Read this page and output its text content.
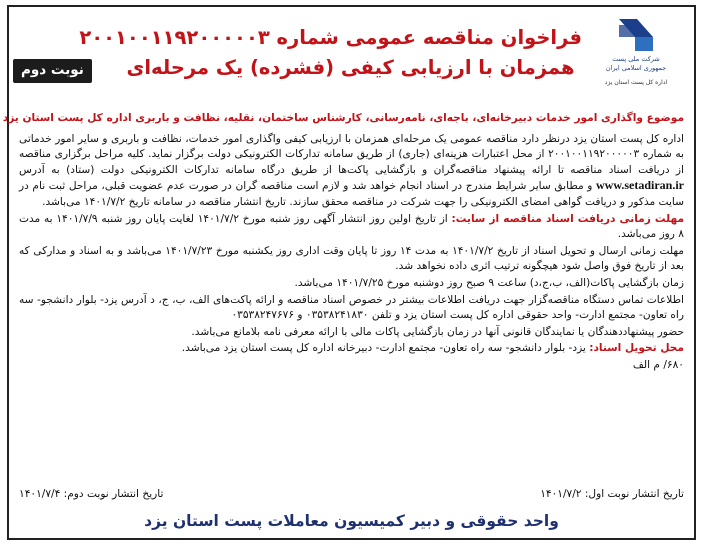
شرکت ملی پست
جمهوری اسلامی ایران
اداره کل پست استان یزد
فراخوان مناقصه عمومی شماره ۲۰۰۱۰۰۱۱۹۲۰۰۰۰۰۳
همزمان با ارزیابی کیفی (فشرده) یک مرحله‌ای
نوبت دوم
موضوع واگذاری امور خدمات دبیرخانه‌ای، باجه‌ای، نامه‌رسانی، کارشناس ساختمان، نقلیه، نظافت و باربری اداره کل پست استان یزد
اداره کل پست استان یزد درنظر دارد مناقصه عمومی یک مرحله‌ای همزمان با ارزیابی کیفی واگذاری امور خدمات، نظافت و باربری و سایر امور خدماتی به شماره ۲۰۰۱۰۰۱۱۹۲۰۰۰۰۰۳ از محل اعتبارات هزینه‌ای (جاری) از طریق سامانه تدارکات الکترونیکی دولت برگزار نماید. کلیه مراحل برگزاری مناقصه از دریافت اسناد مناقصه تا ارائه پیشنهاد مناقصه‌گران و بازگشایی پاکت‌ها از طریق درگاه سامانه تدارکات الکترونیکی دولت (ستاد) به آدرس www.setadiran.ir و مطابق سایر شرایط مندرج در اسناد انجام خواهد شد و لازم است مناقصه گران در صورت عدم عضویت قبلی، مراحل ثبت نام در سایت مذکور و دریافت گواهی امضای الکترونیکی را جهت شرکت در مناقصه محقق سازند. تاریخ انتشار مناقصه در سامانه تاریخ ۱۴۰۱/۷/۲ می‌باشد.
مهلت زمانی دریافت اسناد مناقصه از سایت: از تاریخ اولین روز انتشار آگهی روز شنبه مورخ ۱۴۰۱/۷/۲ لغایت پایان روز شنبه ۱۴۰۱/۷/۹ به مدت ۸ روز می‌باشد.
مهلت زمانی ارسال و تحویل اسناد از تاریخ ۱۴۰۱/۷/۲ به مدت ۱۴ روز تا پایان وقت اداری روز یکشنبه مورخ ۱۴۰۱/۷/۲۳ می‌باشد و به اسناد و مدارکی که بعد از تاریخ فوق واصل شود هیچگونه ترتیب اثری داده نخواهد شد.
زمان بازگشایی پاکات(الف، ب،ج،د) ساعت ۹ صبح روز دوشنبه مورخ ۱۴۰۱/۷/۲۵ می‌باشد.
اطلاعات تماس دستگاه مناقصه‌گزار جهت دریافت اطلاعات بیشتر در خصوص اسناد مناقصه و ارائه پاکت‌های الف، ب، ج، د آدرس یزد- بلوار دانشجو- سه راه تعاون- مجتمع ادارت- واحد حقوقی اداره کل پست استان یزد و تلفن ۰۳۵۳۸۲۴۱۸۳۰ و ۰۳۵۳۸۲۴۷۶۷۶
حضور پیشنهاددهندگان یا نمایندگان قانونی آنها در زمان بازگشایی پاکات مالی با ارائه معرفی نامه بلامانع می‌باشد.
محل تحویل اسناد: یزد- بلوار دانشجو- سه راه تعاون- مجتمع ادارت- دبیرخانه اداره کل پست استان یزد می‌باشد.
۶۸۰/ م الف
تاریخ انتشار نوبت اول: ۱۴۰۱/۷/۲
تاریخ انتشار نوبت دوم: ۱۴۰۱/۷/۴
واحد حقوقی و دبیر کمیسیون معاملات پست استان یزد
